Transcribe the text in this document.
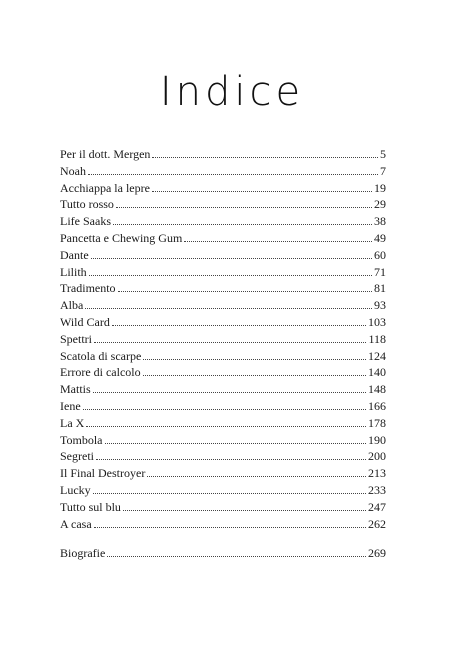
Indice
Per il dott. Mergen	5
Noah	7
Acchiappa la lepre	19
Tutto rosso	29
Life Saaks	38
Pancetta e Chewing Gum	49
Dante	60
Lilith	71
Tradimento	81
Alba	93
Wild Card	103
Spettri	118
Scatola di scarpe	124
Errore di calcolo	140
Mattis	148
Iene	166
La X	178
Tombola	190
Segreti	200
Il Final Destroyer	213
Lucky	233
Tutto sul blu	247
A casa	262
Biografie	269
